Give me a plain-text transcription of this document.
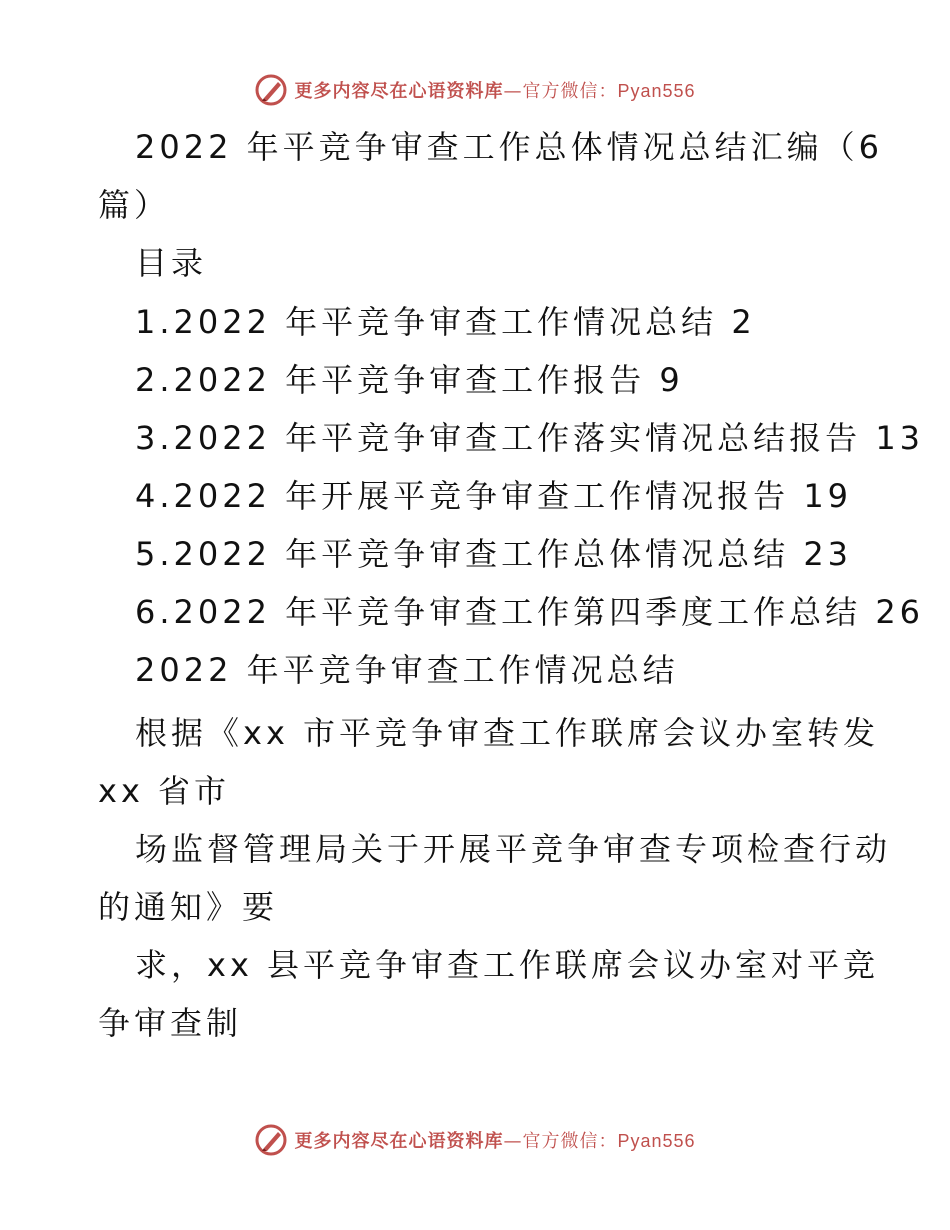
更多内容尽在心语资料库—官方微信：Pyan556
2022 年平竞争审查工作总体情况总结汇编（6
篇）
目录
1.2022 年平竞争审查工作情况总结 2
2.2022 年平竞争审查工作报告 9
3.2022 年平竞争审查工作落实情况总结报告 13
4.2022 年开展平竞争审查工作情况报告 19
5.2022 年平竞争审查工作总体情况总结 23
6.2022 年平竞争审查工作第四季度工作总结 26
2022 年平竞争审查工作情况总结
根据《xx 市平竞争审查工作联席会议办室转发
xx 省市
场监督管理局关于开展平竞争审查专项检查行动
的通知》要
求，xx 县平竞争审查工作联席会议办室对平竞
争审查制
更多内容尽在心语资料库—官方微信：Pyan556
